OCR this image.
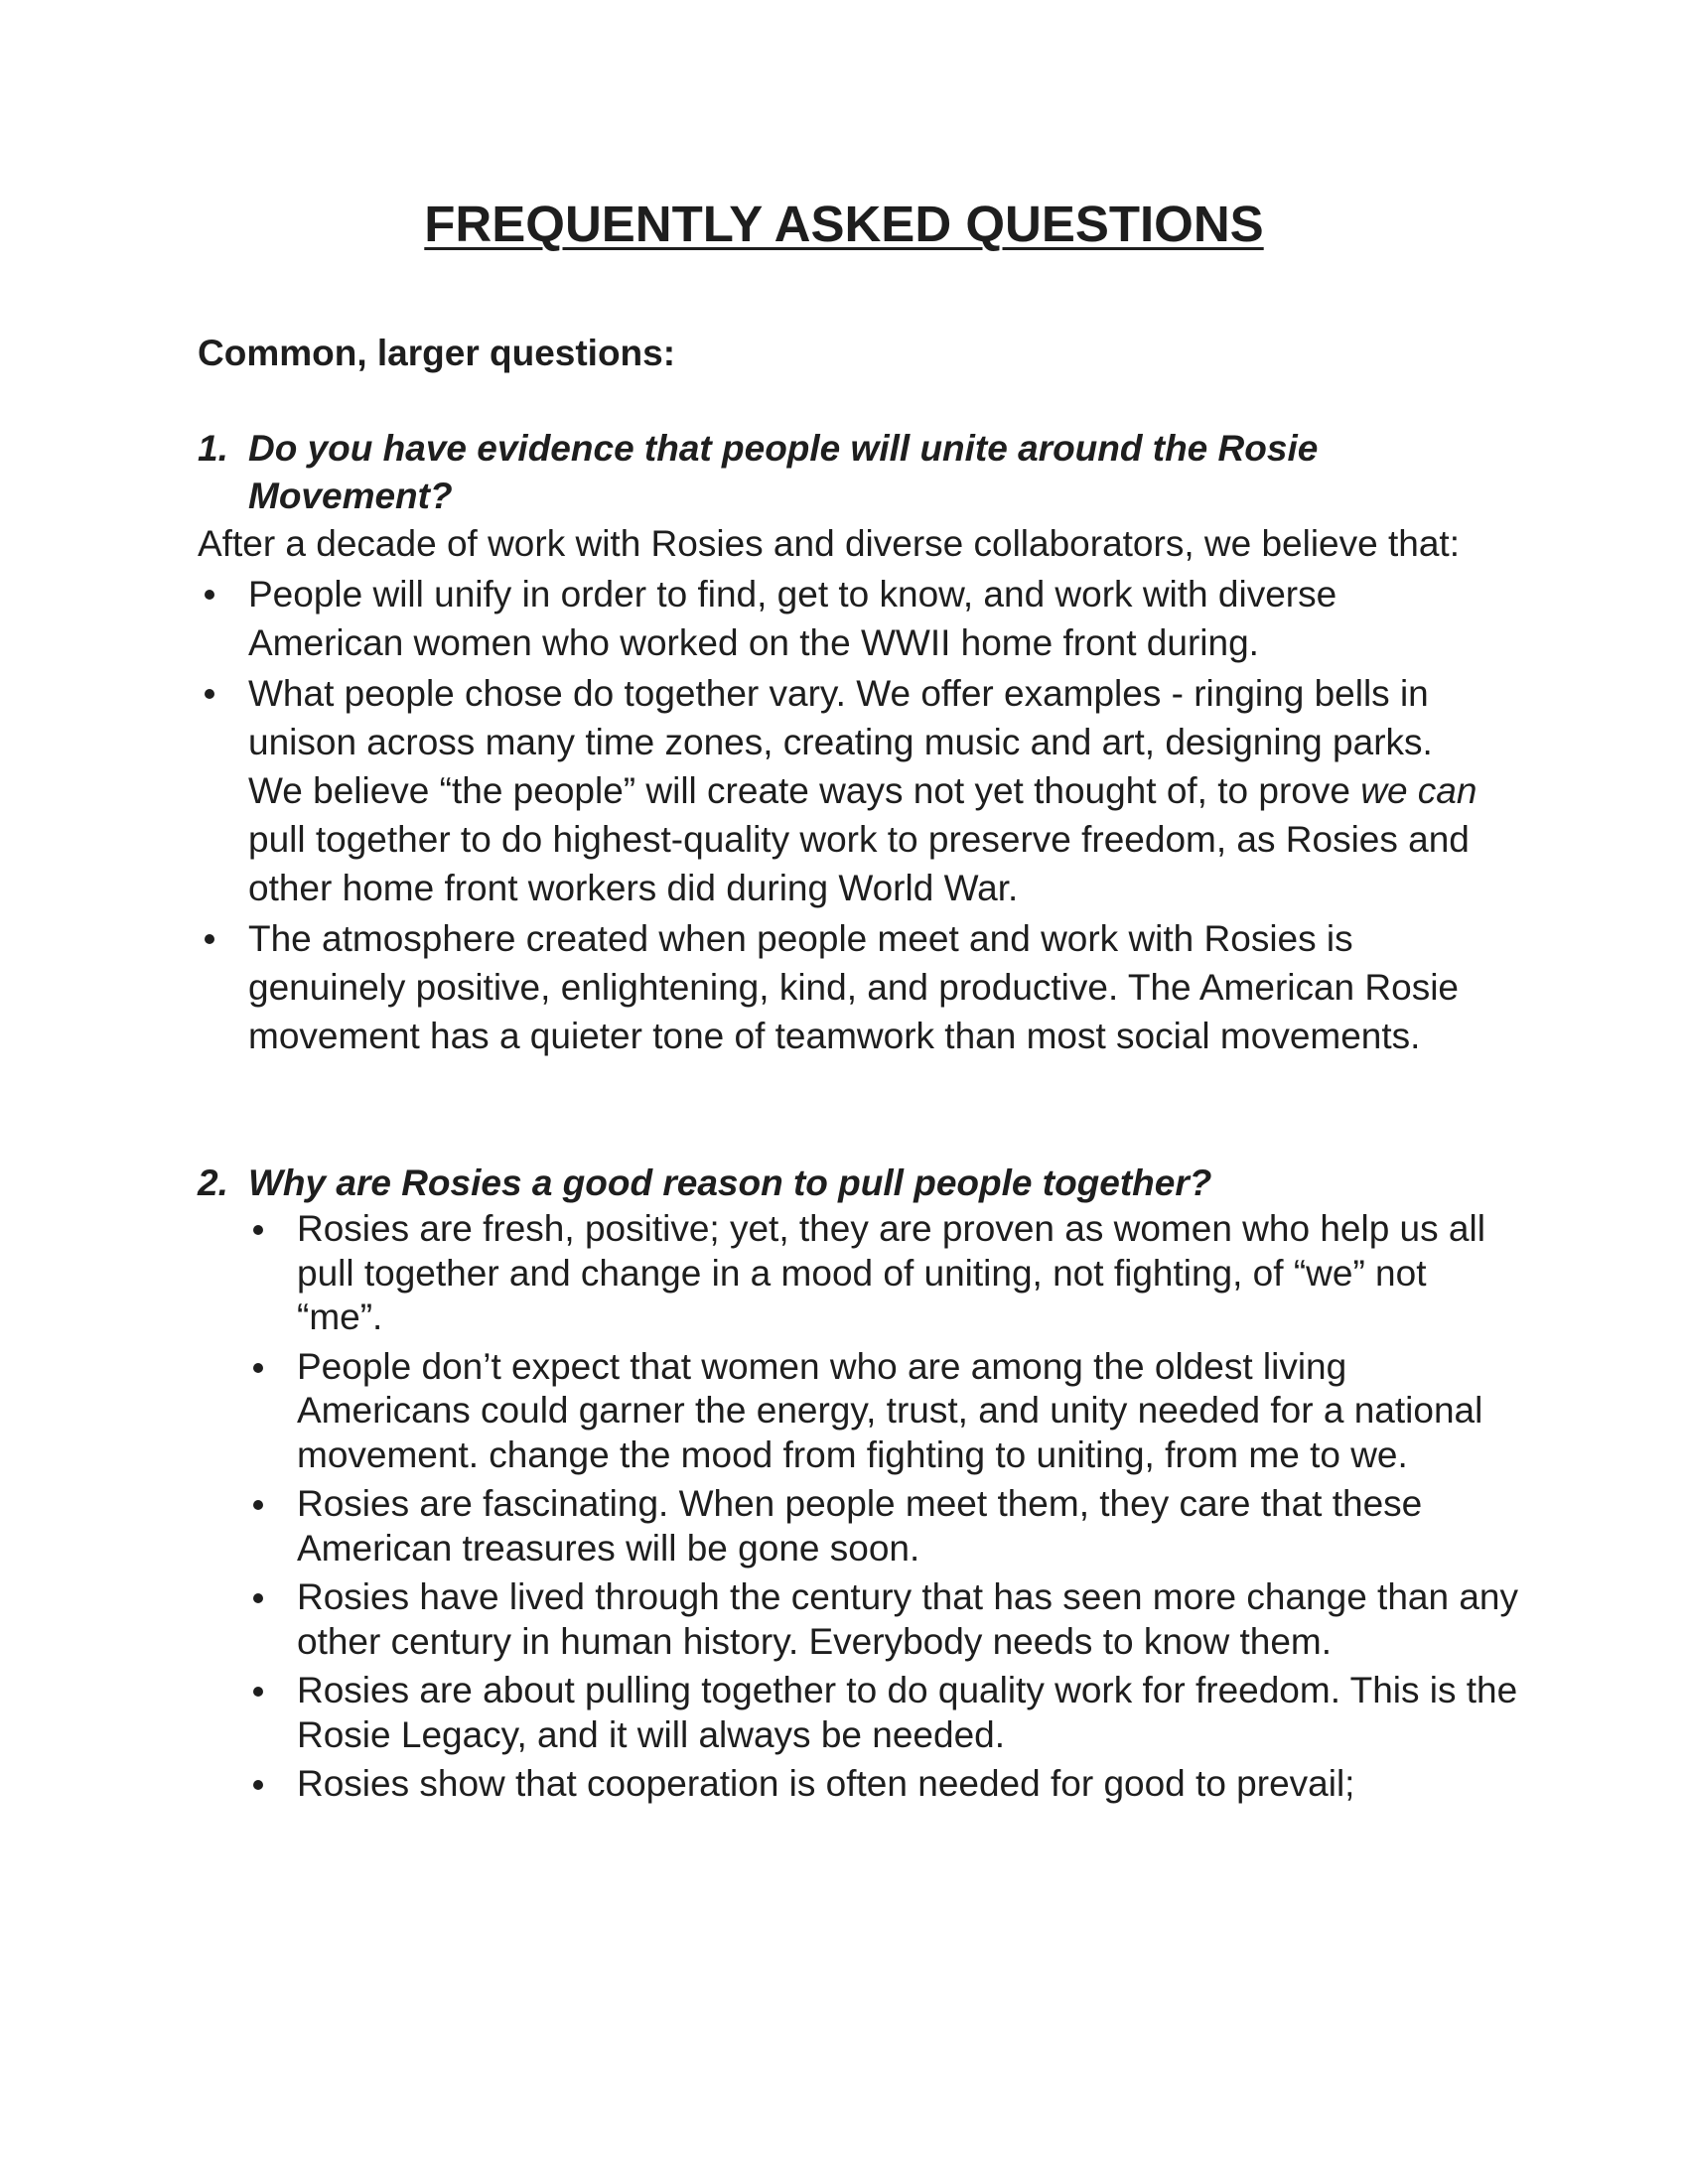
FREQUENTLY ASKED QUESTIONS
Common, larger questions:
1. Do you have evidence that people will unite around the Rosie Movement?
After a decade of work with Rosies and diverse collaborators, we believe that:
People will unify in order to find, get to know, and work with diverse American women who worked on the WWII home front during.
What people chose do together vary. We offer examples - ringing bells in unison across many time zones, creating music and art, designing parks. We believe “the people” will create ways not yet thought of, to prove we can pull together to do highest-quality work to preserve freedom, as Rosies and other home front workers did during World War.
The atmosphere created when people meet and work with Rosies is genuinely positive, enlightening, kind, and productive. The American Rosie movement has a quieter tone of teamwork than most social movements.
2. Why are Rosies a good reason to pull people together?
Rosies are fresh, positive; yet, they are proven as women who help us all pull together and change in a mood of uniting, not fighting, of “we” not “me”.
People don’t expect that women who are among the oldest living Americans could garner the energy, trust, and unity needed for a national movement. change the mood from fighting to uniting, from me to we.
Rosies are fascinating. When people meet them, they care that these American treasures will be gone soon.
Rosies have lived through the century that has seen more change than any other century in human history. Everybody needs to know them.
Rosies are about pulling together to do quality work for freedom. This is the Rosie Legacy, and it will always be needed.
Rosies show that cooperation is often needed for good to prevail;
